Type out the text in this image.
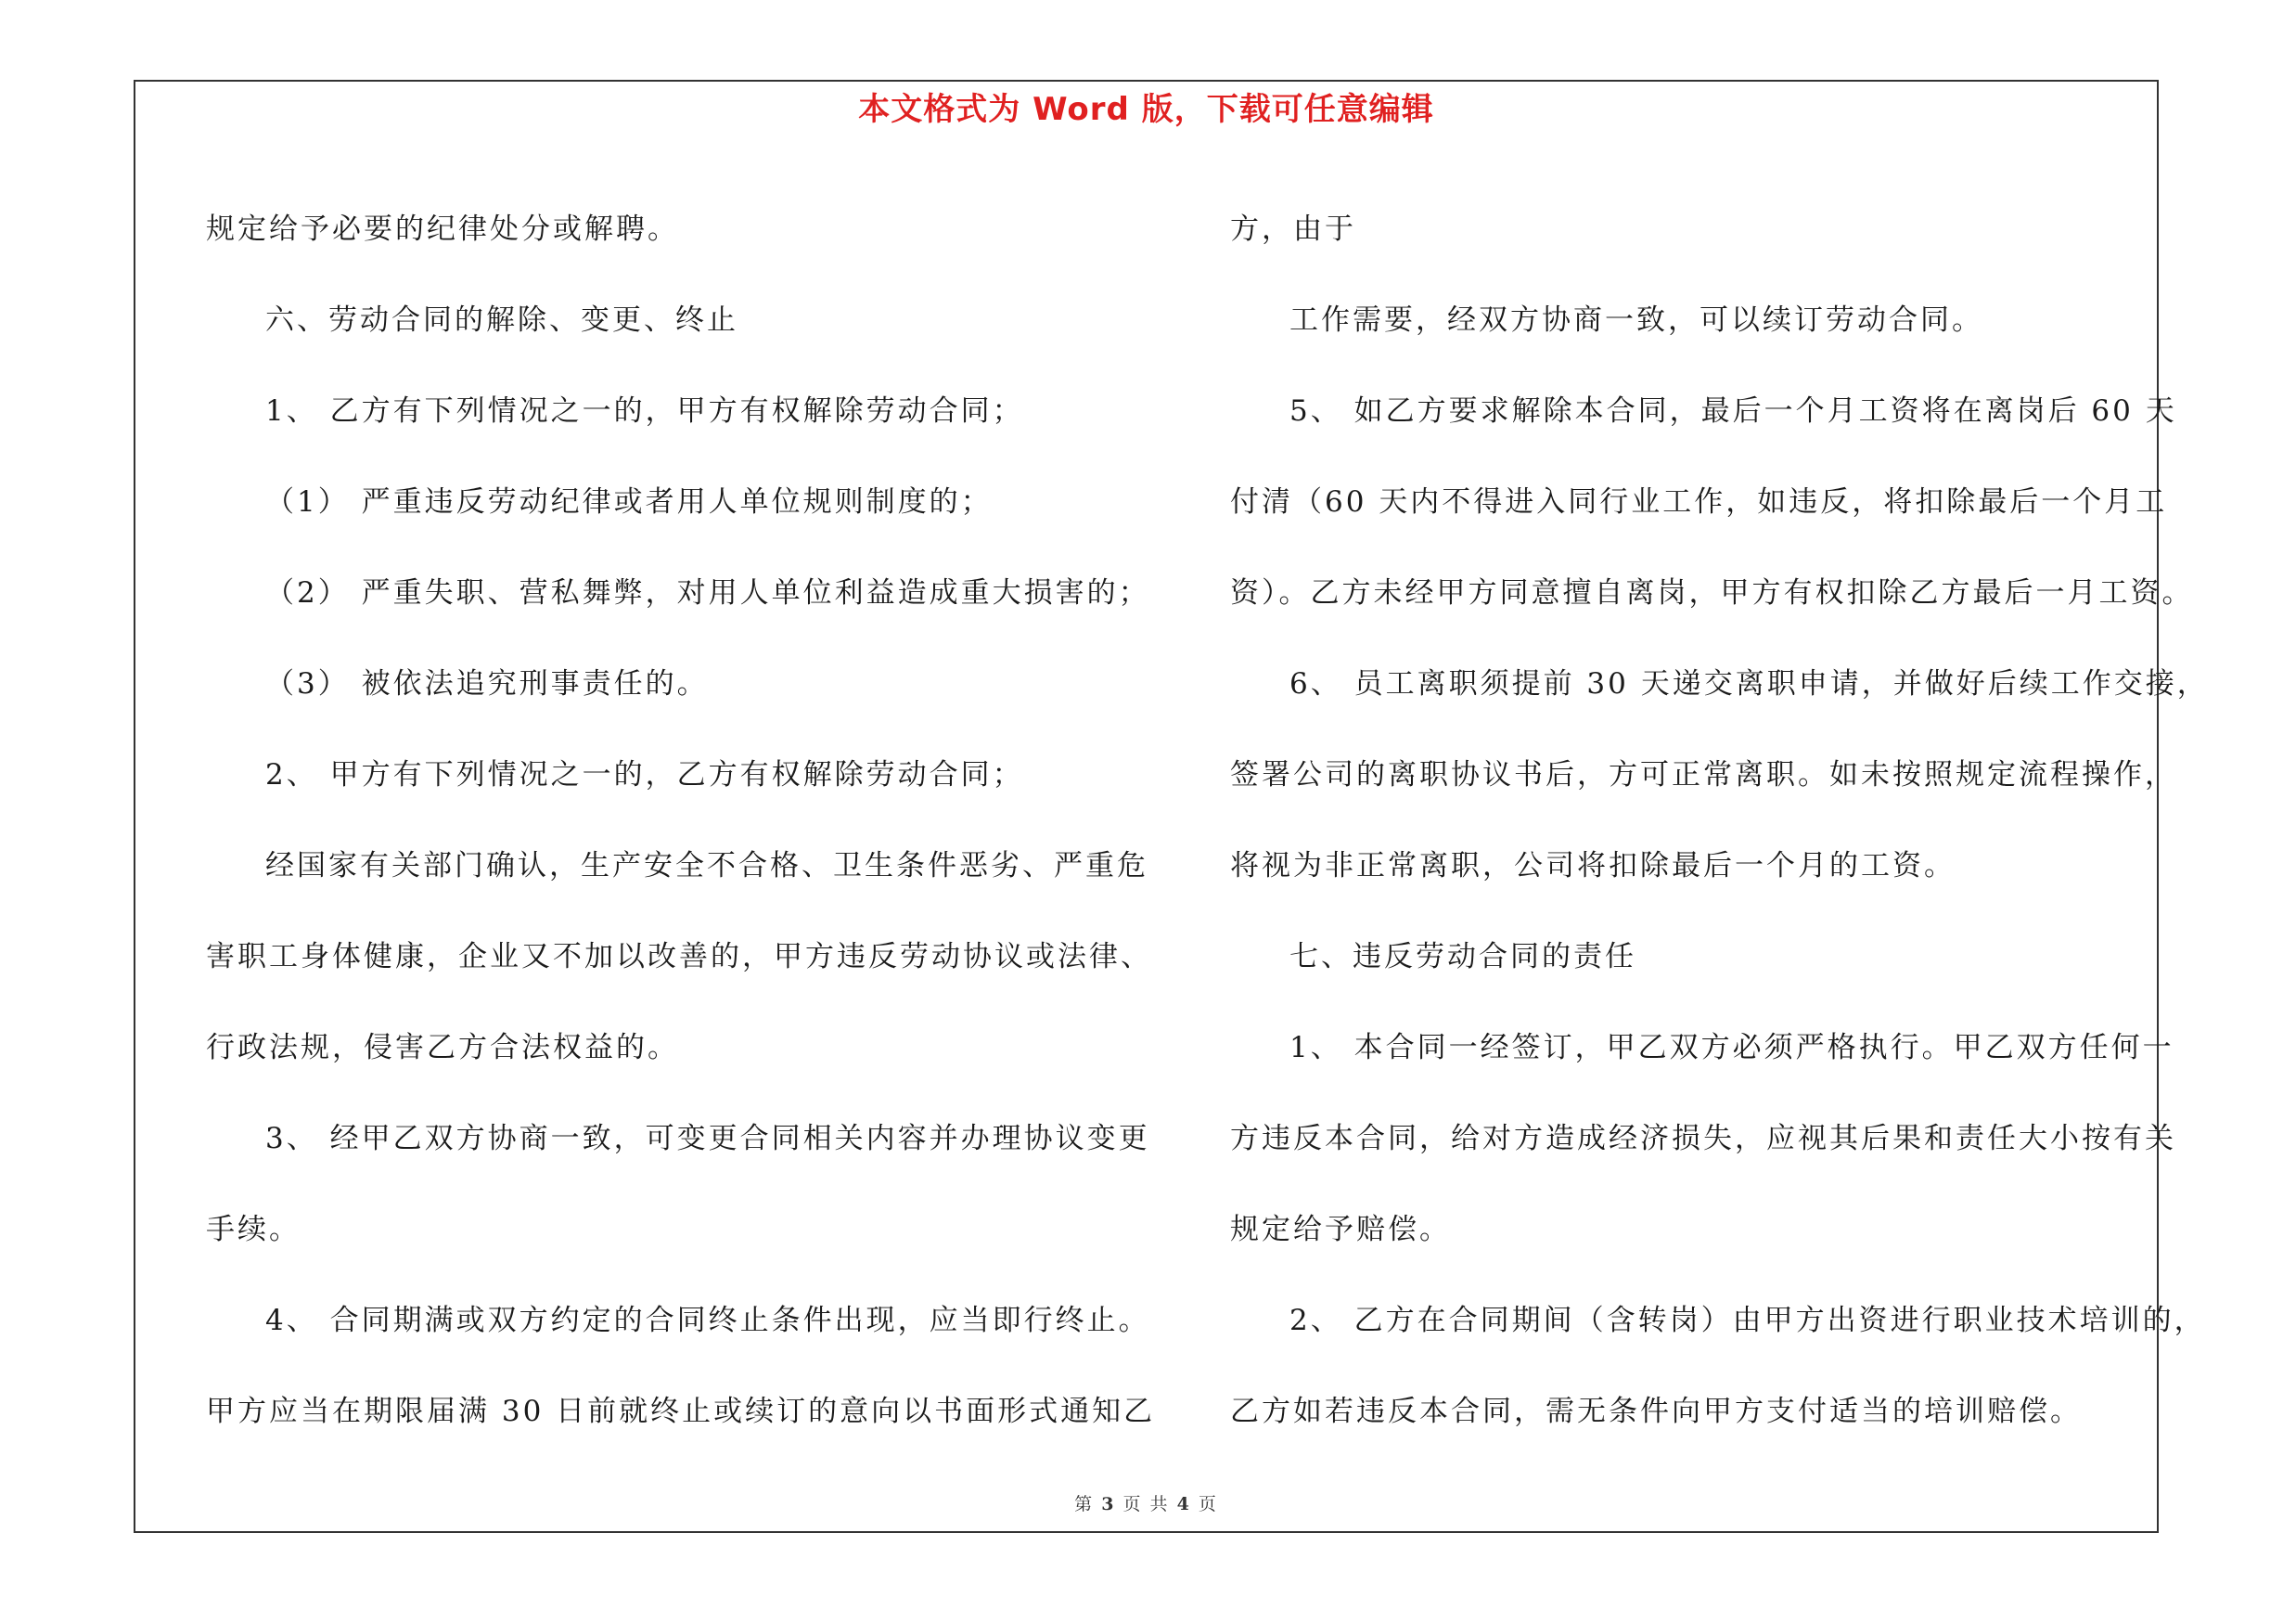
本文格式为 Word 版，下载可任意编辑
规定给予必要的纪律处分或解聘。
六、劳动合同的解除、变更、终止
1、 乙方有下列情况之一的，甲方有权解除劳动合同；
（1） 严重违反劳动纪律或者用人单位规则制度的；
（2） 严重失职、营私舞弊，对用人单位利益造成重大损害的；
（3） 被依法追究刑事责任的。
2、 甲方有下列情况之一的，乙方有权解除劳动合同；
经国家有关部门确认，生产安全不合格、卫生条件恶劣、严重危
害职工身体健康，企业又不加以改善的，甲方违反劳动协议或法律、
行政法规，侵害乙方合法权益的。
3、 经甲乙双方协商一致，可变更合同相关内容并办理协议变更
手续。
4、 合同期满或双方约定的合同终止条件出现，应当即行终止。
甲方应当在期限届满 30 日前就终止或续订的意向以书面形式通知乙
方，由于
工作需要，经双方协商一致，可以续订劳动合同。
5、 如乙方要求解除本合同，最后一个月工资将在离岗后 60 天
付清（60 天内不得进入同行业工作，如违反，将扣除最后一个月工
资）。乙方未经甲方同意擅自离岗，甲方有权扣除乙方最后一月工资。
6、 员工离职须提前 30 天递交离职申请，并做好后续工作交接，
签署公司的离职协议书后，方可正常离职。如未按照规定流程操作，
将视为非正常离职，公司将扣除最后一个月的工资。
七、违反劳动合同的责任
1、 本合同一经签订，甲乙双方必须严格执行。甲乙双方任何一
方违反本合同，给对方造成经济损失，应视其后果和责任大小按有关
规定给予赔偿。
2、 乙方在合同期间（含转岗）由甲方出资进行职业技术培训的，
乙方如若违反本合同，需无条件向甲方支付适当的培训赔偿。
第 3 页 共 4 页
